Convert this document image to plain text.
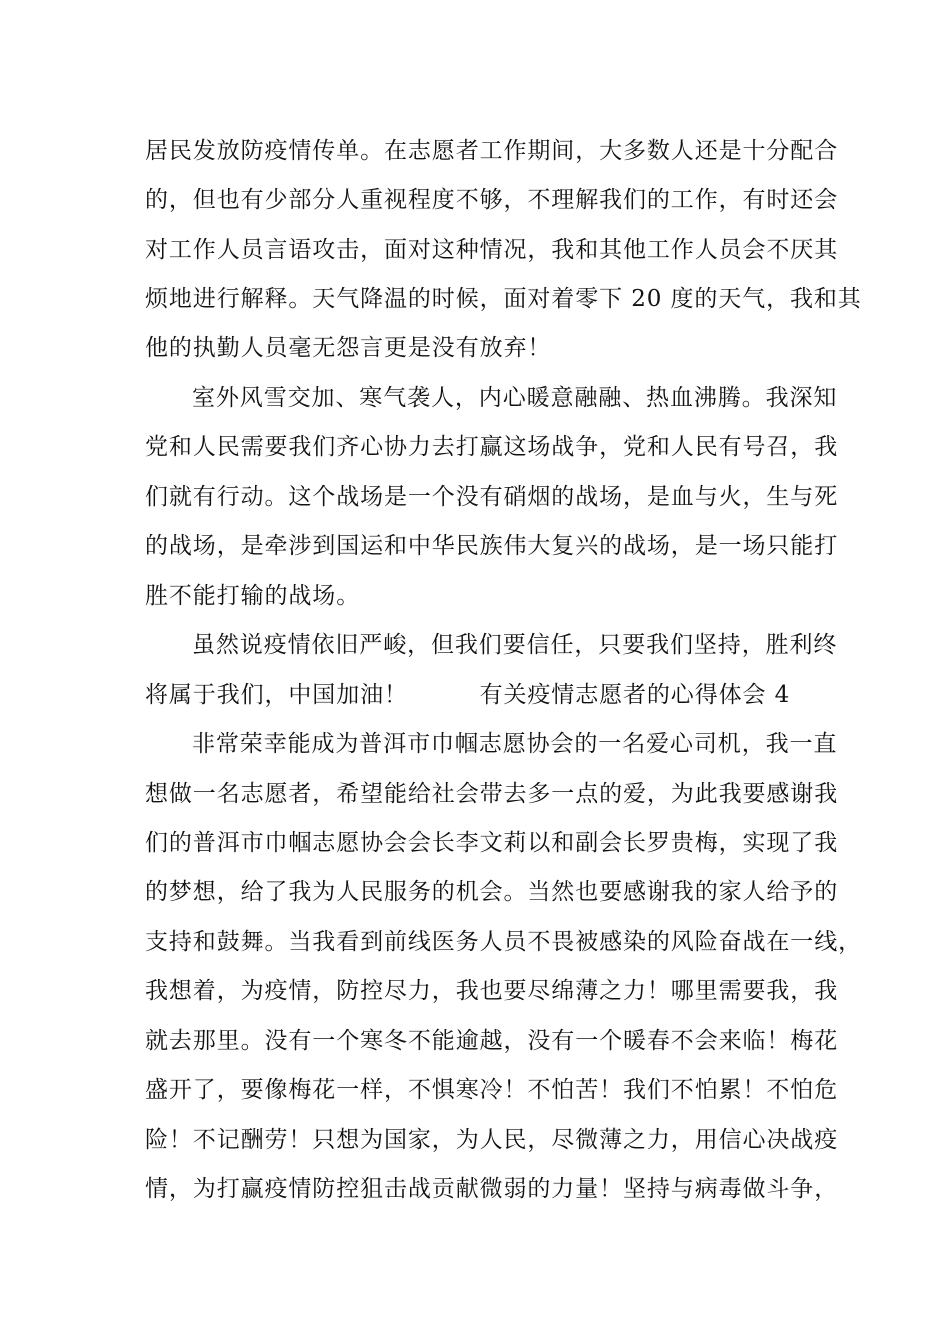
居民发放防疫情传单。在志愿者工作期间，大多数人还是十分配合

的，但也有少部分人重视程度不够，不理解我们的工作，有时还会

对工作人员言语攻击，面对这种情况，我和其他工作人员会不厌其

烦地进行解释。天气降温的时候，面对着零下 20 度的天气，我和其

他的执勤人员毫无怨言更是没有放弃！

室外风雪交加、寒气袭人，内心暖意融融、热血沸腾。我深知

党和人民需要我们齐心协力去打赢这场战争，党和人民有号召，我

们就有行动。这个战场是一个没有硝烟的战场，是血与火，生与死

的战场，是牵涉到国运和中华民族伟大复兴的战场，是一场只能打

胜不能打输的战场。

虽然说疫情依旧严峻，但我们要信任，只要我们坚持，胜利终

将属于我们，中国加油！　　　有关疫情志愿者的心得体会 4

非常荣幸能成为普洱市巾帼志愿协会的一名爱心司机，我一直

想做一名志愿者，希望能给社会带去多一点的爱，为此我要感谢我

们的普洱市巾帼志愿协会会长李文莉以和副会长罗贵梅，实现了我

的梦想，给了我为人民服务的机会。当然也要感谢我的家人给予的

支持和鼓舞。当我看到前线医务人员不畏被感染的风险奋战在一线，

我想着，为疫情，防控尽力，我也要尽绵薄之力！哪里需要我，我

就去那里。没有一个寒冬不能逾越，没有一个暖春不会来临！梅花

盛开了，要像梅花一样，不惧寒冷！不怕苦！我们不怕累！不怕危

险！不记酬劳！只想为国家，为人民，尽微薄之力，用信心决战疫

情，为打赢疫情防控狙击战贡献微弱的力量！坚持与病毒做斗争，
